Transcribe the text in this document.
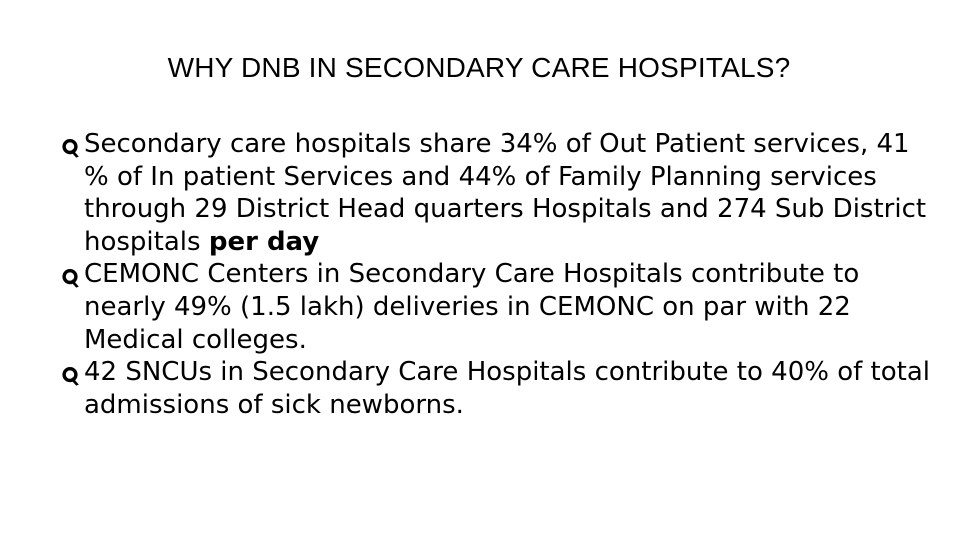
WHY DNB IN SECONDARY CARE HOSPITALS?
Secondary care hospitals share 34% of Out Patient services, 41 % of In patient Services and 44% of Family Planning services through 29 District Head quarters Hospitals and 274 Sub District hospitals per day
CEMONC Centers in Secondary Care Hospitals contribute to nearly 49% (1.5 lakh) deliveries in CEMONC on par with 22 Medical colleges.
42 SNCUs in Secondary Care Hospitals contribute to 40% of total admissions of sick newborns.
